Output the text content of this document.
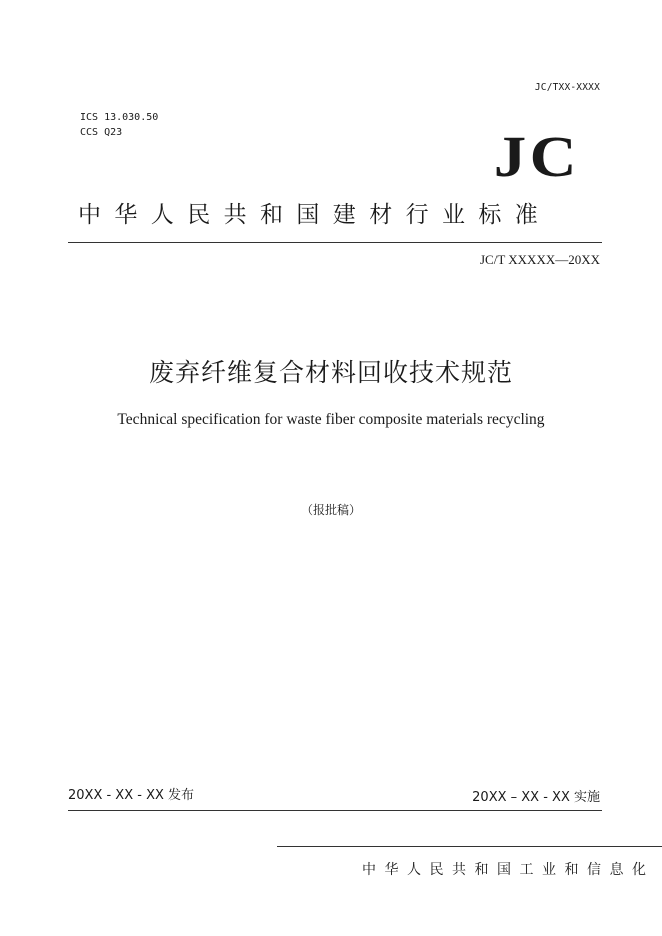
JC/TXX-XXXX
ICS 13.030.50
CCS Q23	JC
中华人民共和国建材行业标准
JC/T XXXXX—20XX
废弃纤维复合材料回收技术规范
Technical specification for waste fiber composite materials recycling
（报批稿）
20XX - XX - XX 发布	20XX – XX - XX 实施
中华人民共和国工业和信息化
